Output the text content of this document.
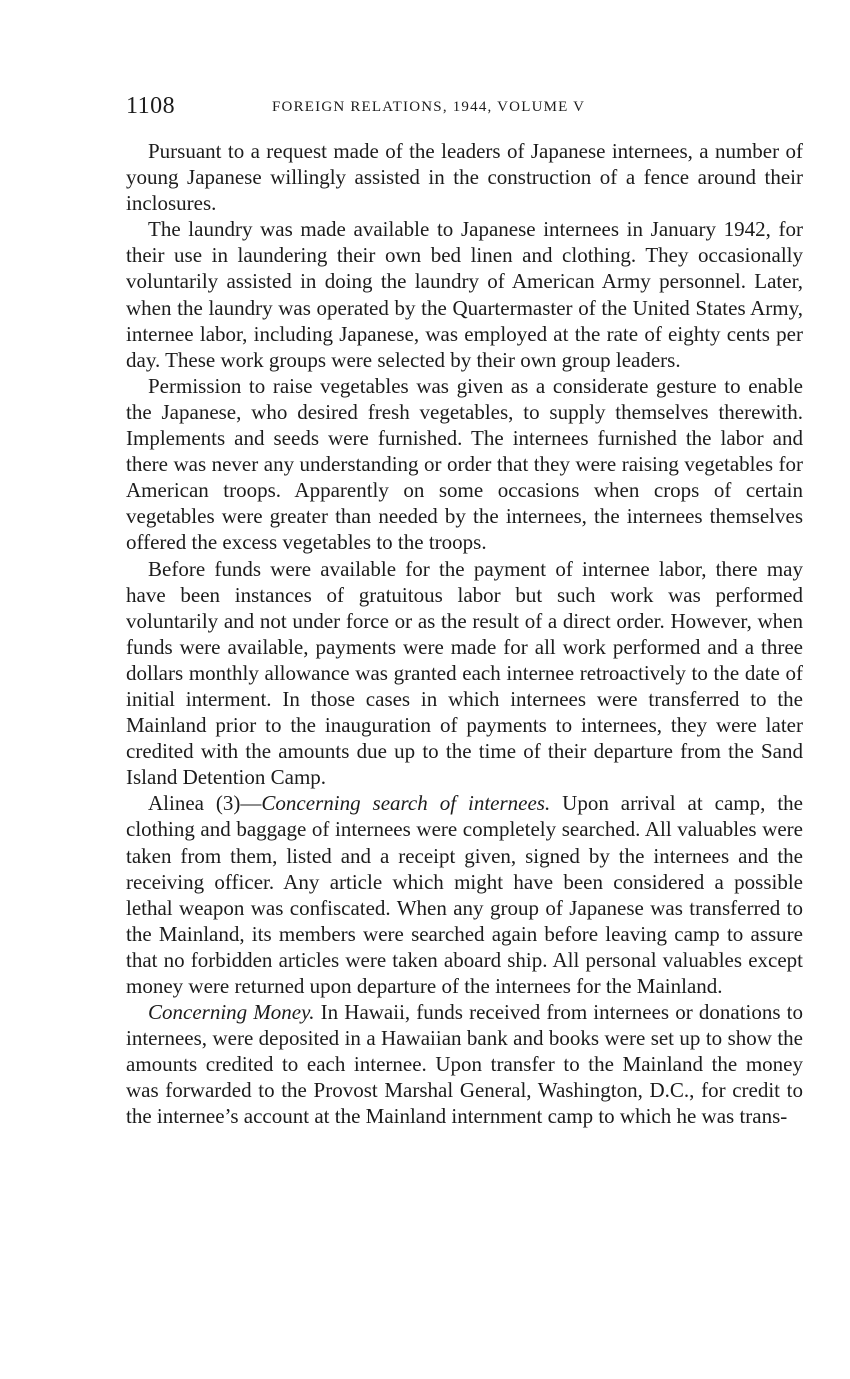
1108	FOREIGN RELATIONS, 1944, VOLUME V

Pursuant to a request made of the leaders of Japanese internees, a number of young Japanese willingly assisted in the construction of a fence around their inclosures.

The laundry was made available to Japanese internees in January 1942, for their use in laundering their own bed linen and clothing. They occasionally voluntarily assisted in doing the laundry of American Army personnel. Later, when the laundry was operated by the Quartermaster of the United States Army, internee labor, including Japanese, was employed at the rate of eighty cents per day. These work groups were selected by their own group leaders.

Permission to raise vegetables was given as a considerate gesture to enable the Japanese, who desired fresh vegetables, to supply themselves therewith. Implements and seeds were furnished. The internees furnished the labor and there was never any understanding or order that they were raising vegetables for American troops. Apparently on some occasions when crops of certain vegetables were greater than needed by the internees, the internees themselves offered the excess vegetables to the troops.

Before funds were available for the payment of internee labor, there may have been instances of gratuitous labor but such work was performed voluntarily and not under force or as the result of a direct order. However, when funds were available, payments were made for all work performed and a three dollars monthly allowance was granted each internee retroactively to the date of initial interment. In those cases in which internees were transferred to the Mainland prior to the inauguration of payments to internees, they were later credited with the amounts due up to the time of their departure from the Sand Island Detention Camp.

Alinea (3)—Concerning search of internees. Upon arrival at camp, the clothing and baggage of internees were completely searched. All valuables were taken from them, listed and a receipt given, signed by the internees and the receiving officer. Any article which might have been considered a possible lethal weapon was confiscated. When any group of Japanese was transferred to the Mainland, its members were searched again before leaving camp to assure that no forbidden articles were taken aboard ship. All personal valuables except money were returned upon departure of the internees for the Mainland.

Concerning Money. In Hawaii, funds received from internees or donations to internees, were deposited in a Hawaiian bank and books were set up to show the amounts credited to each internee. Upon transfer to the Mainland the money was forwarded to the Provost Marshal General, Washington, D.C., for credit to the internee’s account at the Mainland internment camp to which he was trans-
